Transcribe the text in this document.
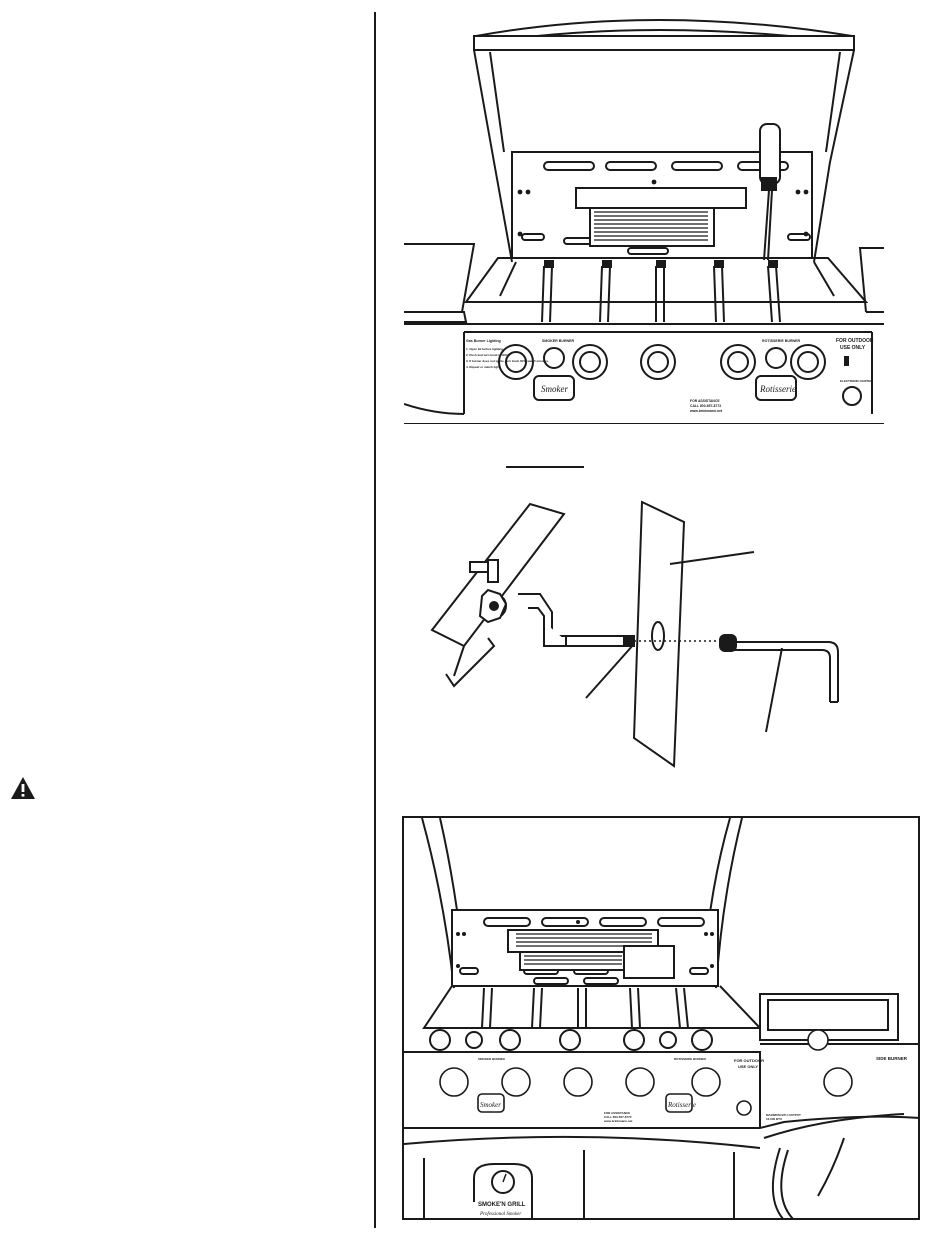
Gas Burner Lighting
1. Open lid before lighting.
2. Push and turn knob to HIGH.
3. If burner does not ignite, turn knob OFF, wait 5 minutes.
4. Repeat or match light.
SMOKER BURNER
Smoker
ROTISSERIE BURNER
Rotisserie
FOR OUTDOOR
USE ONLY
ELECTRONIC IGNITER
FOR ASSISTANCE
CALL 800-657-8773
www.brinkmann.net
SMOKER BURNER
Smoker
ROTISSERIE BURNER
Rotisserie
FOR OUTDOOR
USE ONLY
FOR ASSISTANCE
CALL 800-657-8773
www.brinkmann.net
SIDE BURNER
MAXIMUM BTU OUTPUT
12,000 BTU
SMOKE'N GRILL
Professional Smoker
